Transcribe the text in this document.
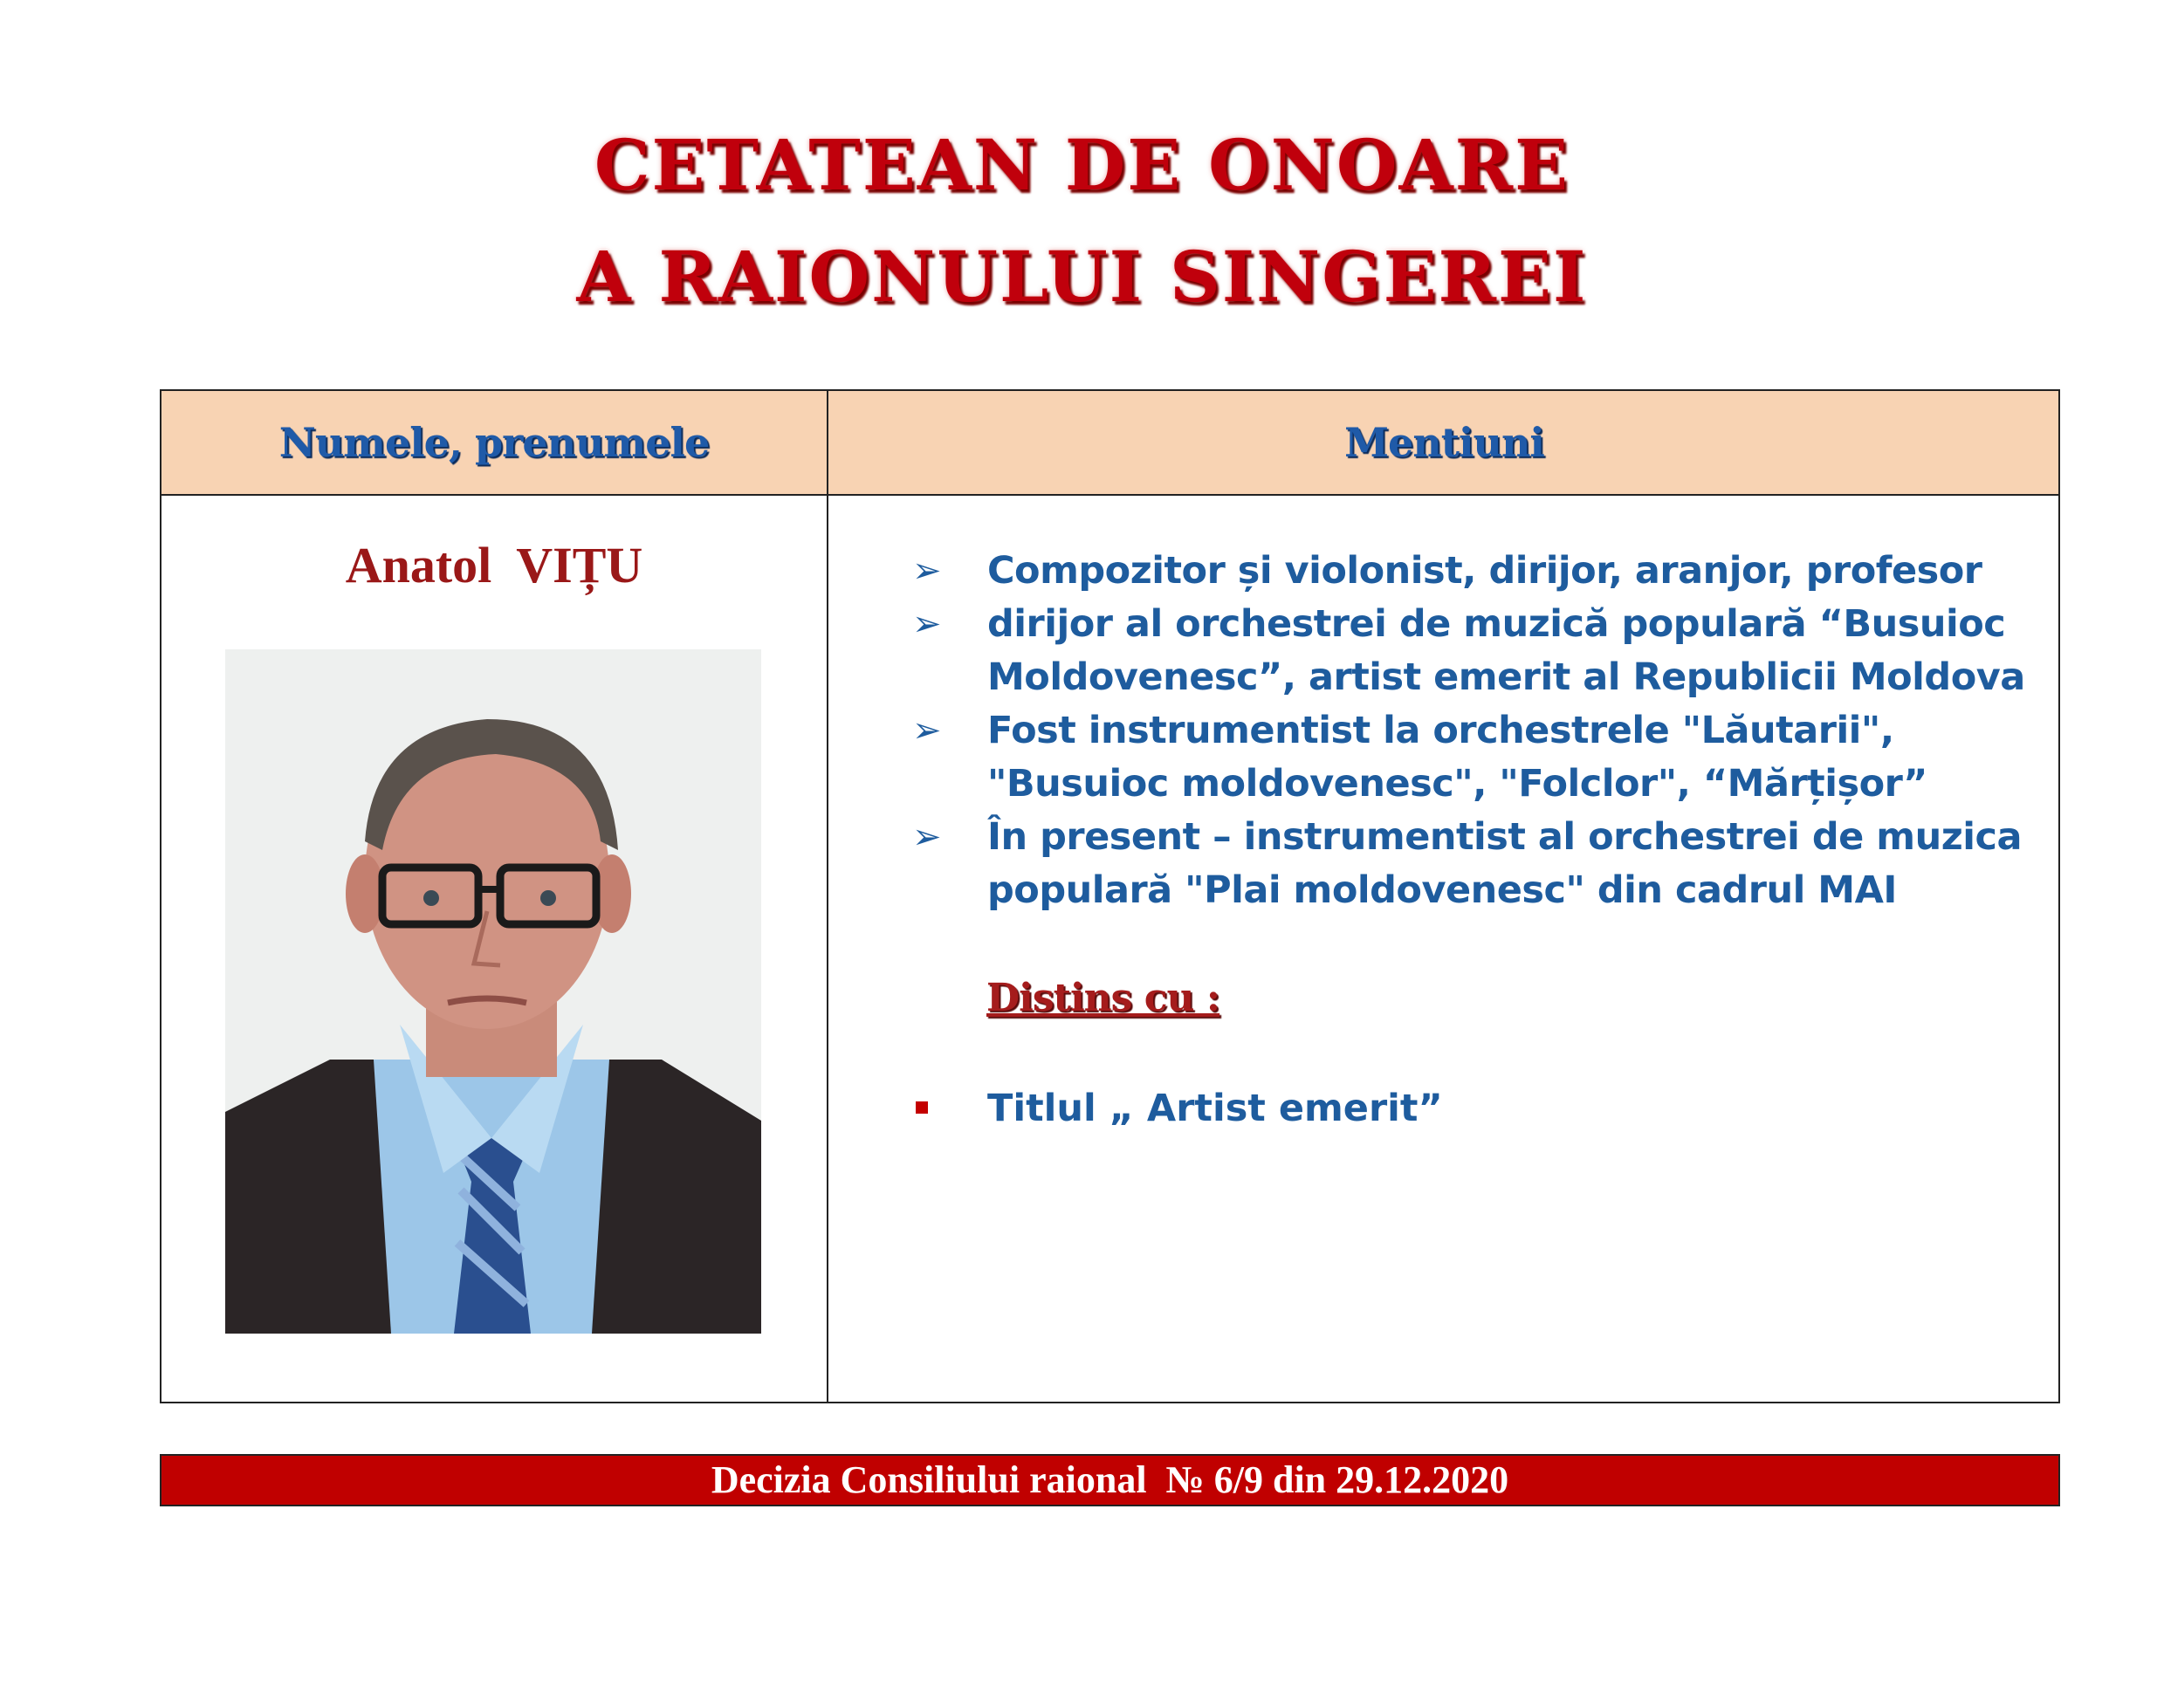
CETATEAN DE ONOARE
A RAIONULUI SINGEREI
Numele, prenumele	Mentiuni
Anatol VIȚU	➢ Compozitor și violonist, dirijor, aranjor, profesor
➢ dirijor al orchestrei de muzică populară “Busuioc Moldovenesc”, artist emerit al Republicii Moldova
➢ Fost instrumentist la orchestrele "Lăutarii", "Busuioc moldovenesc", "Folclor", “Mărțișor”
➢ În present – instrumentist al orchestrei de muzica populară "Plai moldovenesc" din cadrul MAI
Distins cu :
Titlul „ Artist emerit”
Decizia Consiliului raional  № 6/9 din 29.12.2020
